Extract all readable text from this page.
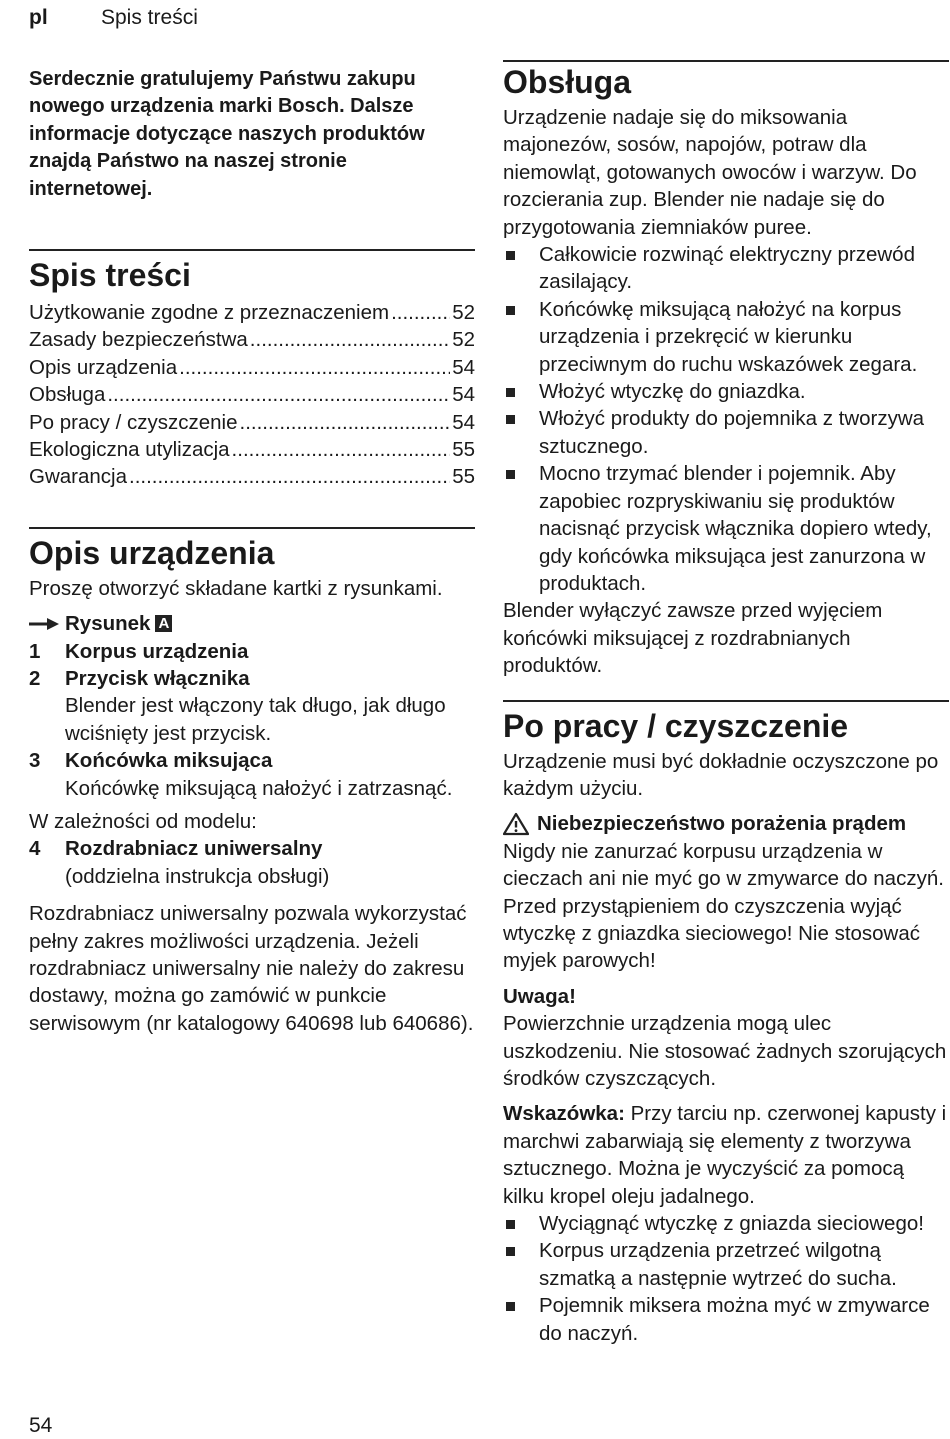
pl	Spis treści

Serdecznie gratulujemy Państwu zakupu nowego urządzenia marki Bosch. Dalsze informacje dotyczące naszych produktów znajdą Państwo na naszej stronie internetowej.

Spis treści
Użytkowanie zgodne z przeznaczeniem .....	52
Zasady bezpieczeństwa .....	52
Opis urządzenia .....	54
Obsługa .....	54
Po pracy / czyszczenie .....	54
Ekologiczna utylizacja .....	55
Gwarancja .....	55
Opis urządzenia

Proszę otworzyć składane kartki z rysunkami.

Rysunek A
1	Korpus urządzenia
2	Przycisk włącznika
Blender jest włączony tak długo, jak długo wciśnięty jest przycisk.
3	Końcówka miksująca
Końcówkę miksującą nałożyć i zatrzasnąć.

W zależności od modelu:

4	Rozdrabniacz uniwersalny
(oddzielna instrukcja obsługi)

Rozdrabniacz uniwersalny pozwala wykorzystać pełny zakres możliwości urządzenia. Jeżeli rozdrabniacz uniwersalny nie należy do zakresu dostawy, można go zamówić w punkcie serwisowym (nr katalogowy 640698 lub 640686).

Obsługa

Urządzenie nadaje się do miksowania majonezów, sosów, napojów, potraw dla niemowląt, gotowanych owoców i warzyw. Do rozcierania zup. Blender nie nadaje się do przygotowania ziemniaków puree.

Całkowicie rozwinąć elektryczny przewód zasilający.
Końcówkę miksującą nałożyć na korpus urządzenia i przekręcić w kierunku przeciwnym do ruchu wskazówek zegara.
Włożyć wtyczkę do gniazdka.
Włożyć produkty do pojemnika z tworzywa sztucznego.
Mocno trzymać blender i pojemnik. Aby zapobiec rozpryskiwaniu się produktów nacisnąć przycisk włącznika dopiero wtedy, gdy końcówka miksująca jest zanurzona w produktach.

Blender wyłączyć zawsze przed wyjęciem końcówki miksującej z rozdrabnianych produktów.

Po pracy / czyszczenie

Urządzenie musi być dokładnie oczyszczone po każdym użyciu.

Niebezpieczeństwo porażenia prądem

Nigdy nie zanurzać korpusu urządzenia w cieczach ani nie myć go w zmywarce do naczyń. Przed przystąpieniem do czyszczenia wyjąć wtyczkę z gniazdka sieciowego! Nie stosować myjek parowych!

Uwaga!

Powierzchnie urządzenia mogą ulec uszkodzeniu. Nie stosować żadnych szorujących środków czyszczących.

Wskazówka: Przy tarciu np. czerwonej kapusty i marchwi zabarwiają się elementy z tworzywa sztucznego. Można je wyczyścić za pomocą kilku kropel oleju jadalnego.

Wyciągnąć wtyczkę z gniazda sieciowego!
Korpus urządzenia przetrzeć wilgotną szmatką a następnie wytrzeć do sucha.
Pojemnik miksera można myć w zmywarce do naczyń.
54
